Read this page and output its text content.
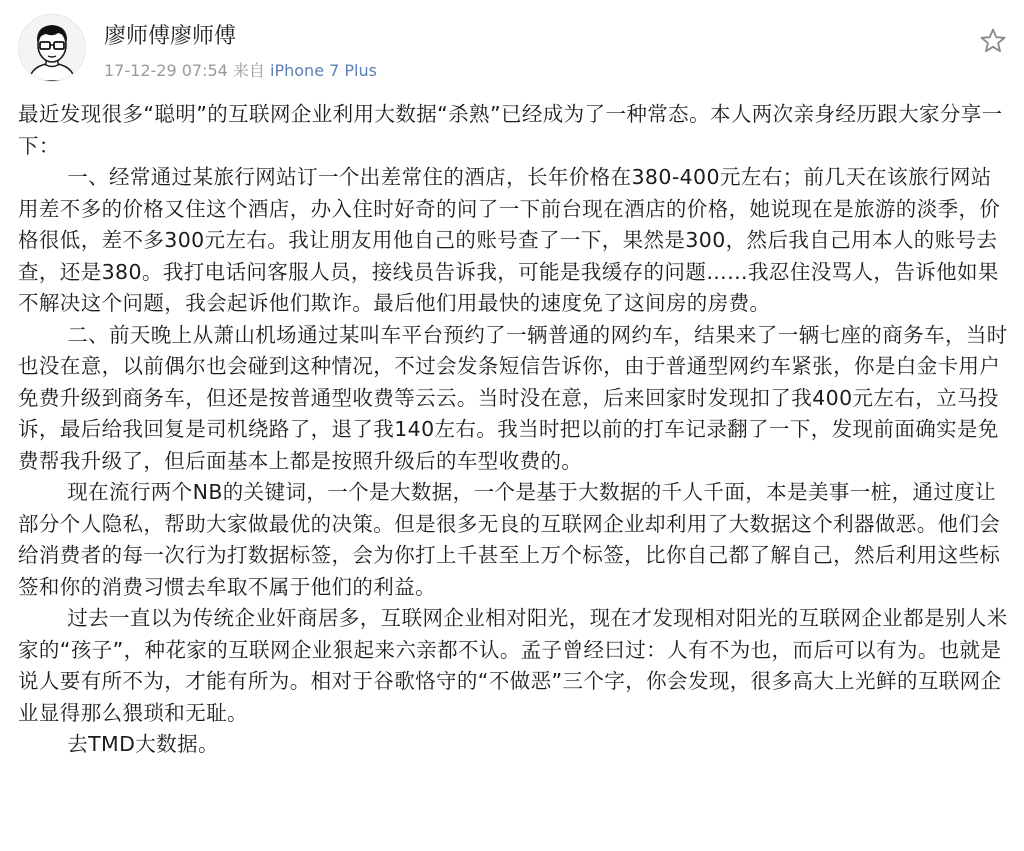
廖师傅廖师傅
17-12-29 07:54 来自 iPhone 7 Plus

最近发现很多“聪明”的互联网企业利用大数据“杀熟”已经成为了一种常态。本人两次亲身经历跟大家分享一下：

一、经常通过某旅行网站订一个出差常住的酒店，长年价格在380-400元左右；前几天在该旅行网站用差不多的价格又住这个酒店，办入住时好奇的问了一下前台现在酒店的价格，她说现在是旅游的淡季，价格很低，差不多300元左右。我让朋友用他自己的账号查了一下，果然是300，然后我自己用本人的账号去查，还是380。我打电话问客服人员，接线员告诉我，可能是我缓存的问题……我忍住没骂人，告诉他如果不解决这个问题，我会起诉他们欺诈。最后他们用最快的速度免了这间房的房费。

二、前天晚上从萧山机场通过某叫车平台预约了一辆普通的网约车，结果来了一辆七座的商务车，当时也没在意，以前偶尔也会碰到这种情况，不过会发条短信告诉你，由于普通型网约车紧张，你是白金卡用户免费升级到商务车，但还是按普通型收费等云云。当时没在意，后来回家时发现扣了我400元左右，立马投诉，最后给我回复是司机绕路了，退了我140左右。我当时把以前的打车记录翻了一下，发现前面确实是免费帮我升级了，但后面基本上都是按照升级后的车型收费的。

现在流行两个NB的关键词，一个是大数据，一个是基于大数据的千人千面，本是美事一桩，通过度让部分个人隐私，帮助大家做最优的决策。但是很多无良的互联网企业却利用了大数据这个利器做恶。他们会给消费者的每一次行为打数据标签，会为你打上千甚至上万个标签，比你自己都了解自己，然后利用这些标签和你的消费习惯去牟取不属于他们的利益。

过去一直以为传统企业奸商居多，互联网企业相对阳光，现在才发现相对阳光的互联网企业都是别人米家的“孩子”，种花家的互联网企业狠起来六亲都不认。孟子曾经曰过：人有不为也，而后可以有为。也就是说人要有所不为，才能有所为。相对于谷歌恪守的“不做恶”三个字，你会发现，很多高大上光鲜的互联网企业显得那么猥琐和无耻。

去TMD大数据。
